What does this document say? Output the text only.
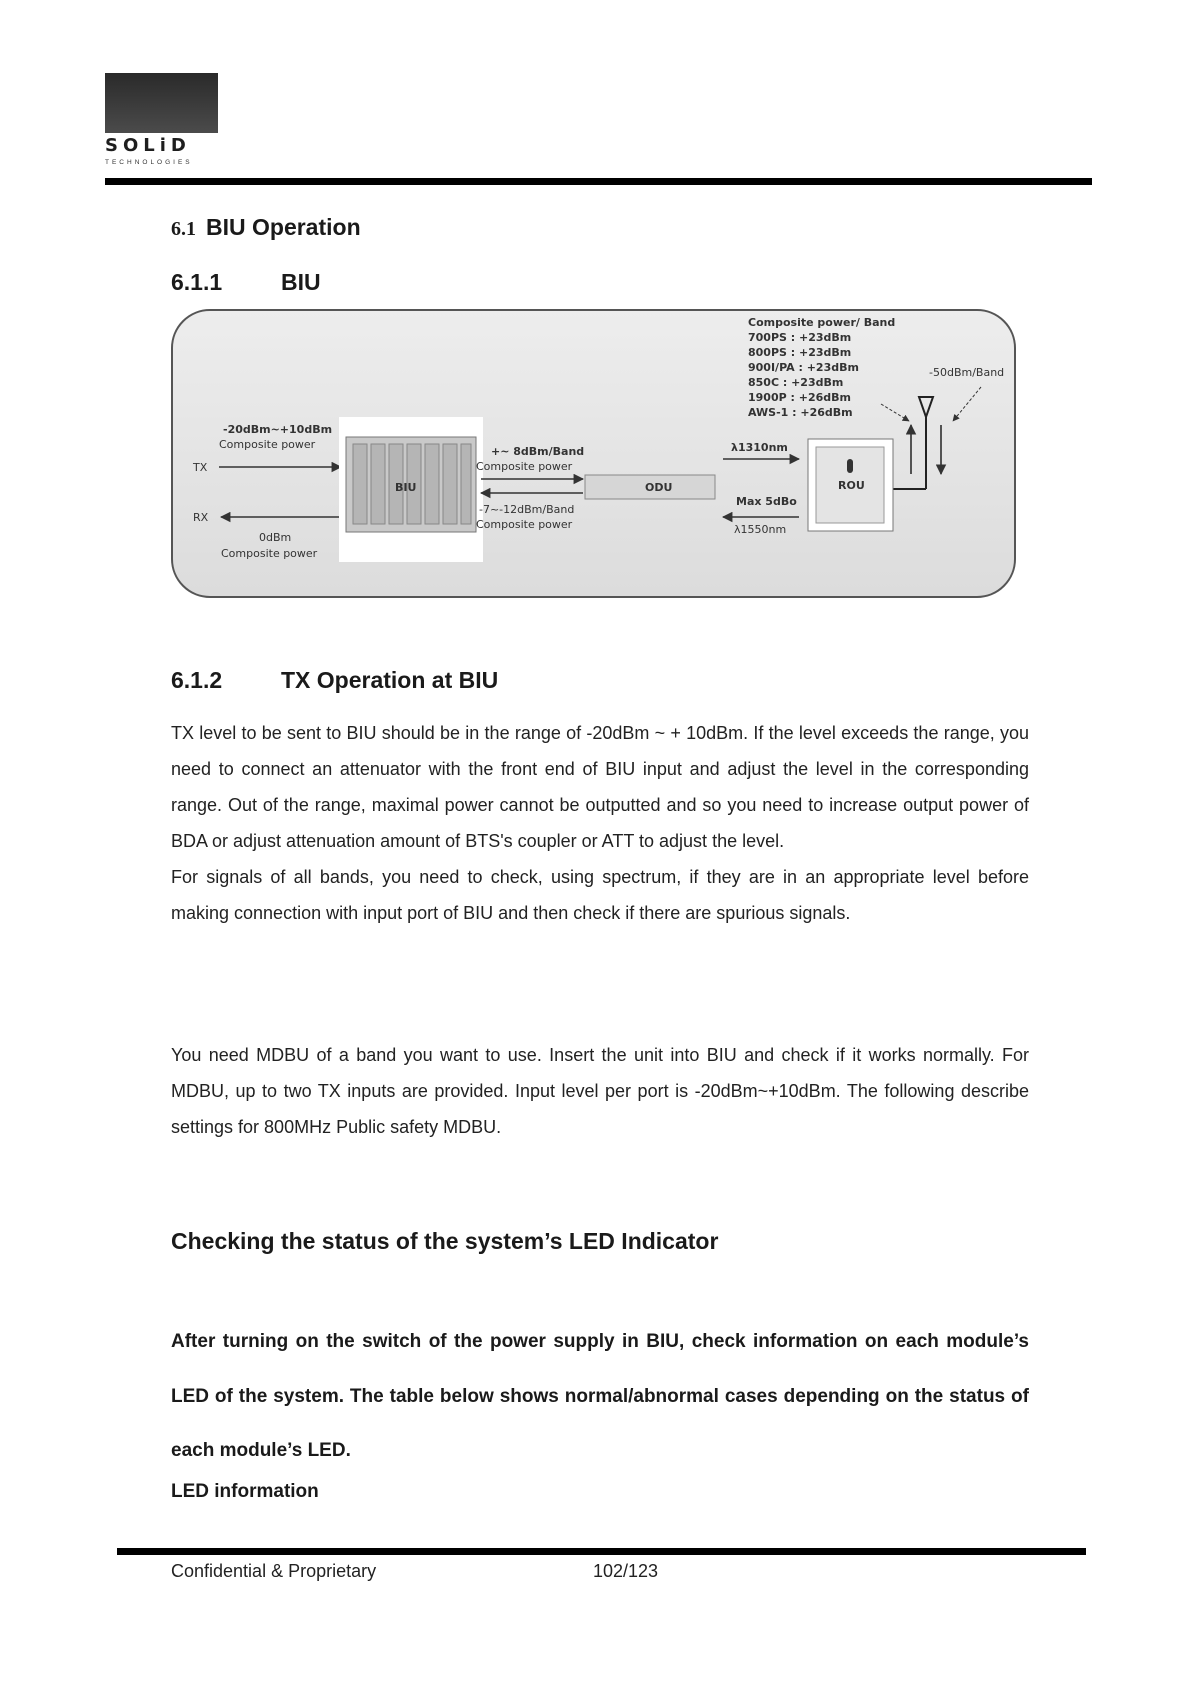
SOLiD
TECHNOLOGIES
6.1 BIU Operation
6.1.1	BIU
Composite power/ Band
700PS : +23dBm
800PS : +23dBm
900I/PA : +23dBm
850C : +23dBm
1900P : +26dBm
AWS-1 : +26dBm
-50dBm/Band
-20dBm~+10dBm
Composite power
TX
RX
0dBm
Composite power
BIU
+~ 8dBm/Band
Composite power
-7~-12dBm/Band
Composite power
ODU
λ1310nm
Max 5dBo
λ1550nm
ROU
6.1.2	TX Operation at BIU

TX level to be sent to BIU should be in the range of -20dBm ~ + 10dBm. If the level exceeds the range, you need to connect an attenuator with the front end of BIU input and adjust the level in the corresponding range. Out of the range, maximal power cannot be outputted and so you need to increase output power of BDA or adjust attenuation amount of BTS's coupler or ATT to adjust the level.

For signals of all bands, you need to check, using spectrum, if they are in an appropriate level before making connection with input port of BIU and then check if there are spurious signals.

You need MDBU of a band you want to use. Insert the unit into BIU and check if it works normally. For MDBU, up to two TX inputs are provided. Input level per port is -20dBm~+10dBm. The following describe settings for 800MHz Public safety MDBU.

Checking the status of the system’s LED Indicator
After turning on the switch of the power supply in BIU, check information on each module’s LED of the system. The table below shows normal/abnormal cases depending on the status of each module’s LED.
LED information
Confidential & Proprietary	102/123
